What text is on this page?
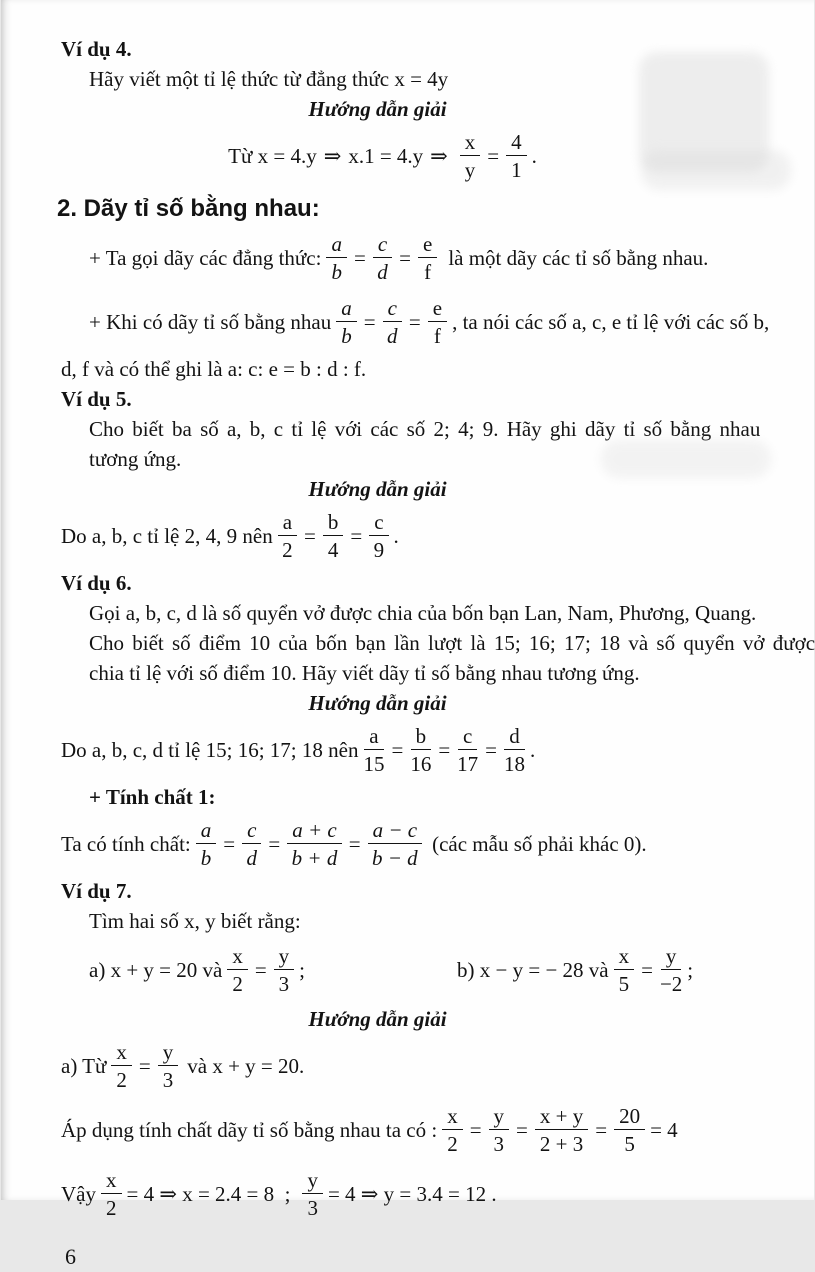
Ví dụ 4.
Hãy viết một tỉ lệ thức từ đẳng thức x = 4y
Hướng dẫn giải
Từ x = 4.y ⇒ x.1 = 4.y ⇒ $\frac{x}{y} = \frac{4}{1}$ .
2. Dãy tỉ số bằng nhau:
+ Ta gọi dãy các đẳng thức: $\frac{a}{b} = \frac{c}{d} = \frac{e}{f}$ là một dãy các tỉ số bằng nhau.
+ Khi có dãy tỉ số bằng nhau $\frac{a}{b} = \frac{c}{d} = \frac{e}{f}$ , ta nói các số a, c, e tỉ lệ với các số b,
d, f và có thể ghi là a: c: e = b : d : f.
Ví dụ 5.
Cho biết ba số a, b, c tỉ lệ với các số 2; 4; 9. Hãy ghi dãy tỉ số bằng nhau
tương ứng.
Hướng dẫn giải
Do a, b, c tỉ lệ 2, 4, 9 nên $\frac{a}{2} = \frac{b}{4} = \frac{c}{9}$ .
Ví dụ 6.
Gọi a, b, c, d là số quyển vở được chia của bốn bạn Lan, Nam, Phương, Quang.
Cho biết số điểm 10 của bốn bạn lần lượt là 15; 16; 17; 18 và số quyển vở được
chia tỉ lệ với số điểm 10. Hãy viết dãy tỉ số bằng nhau tương ứng.
Hướng dẫn giải
Do a, b, c, d tỉ lệ 15; 16; 17; 18 nên $\frac{a}{15} = \frac{b}{16} = \frac{c}{17} = \frac{d}{18}$ .
+ Tính chất 1:
Ta có tính chất: $\frac{a}{b} = \frac{c}{d} = \frac{a + c}{b + d} = \frac{a - c}{b - d}$ (các mẫu số phải khác 0).
Ví dụ 7.
Tìm hai số x, y biết rằng:
a) x + y = 20 và $\frac{x}{2} = \frac{y}{3}$ ;	b) x − y = − 28 và $\frac{x}{5} = \frac{y}{-2}$ ;
Hướng dẫn giải
a) Từ $\frac{x}{2} = \frac{y}{3}$ và x + y = 20.
Áp dụng tính chất dãy tỉ số bằng nhau ta có : $\frac{x}{2} = \frac{y}{3} = \frac{x + y}{2 + 3} = \frac{20}{5} = 4$
Vậy $\frac{x}{2} = 4$ ⇒ x = 2.4 = 8  ; $\frac{y}{3} = 4$ ⇒ y = 3.4 = 12 .
6
